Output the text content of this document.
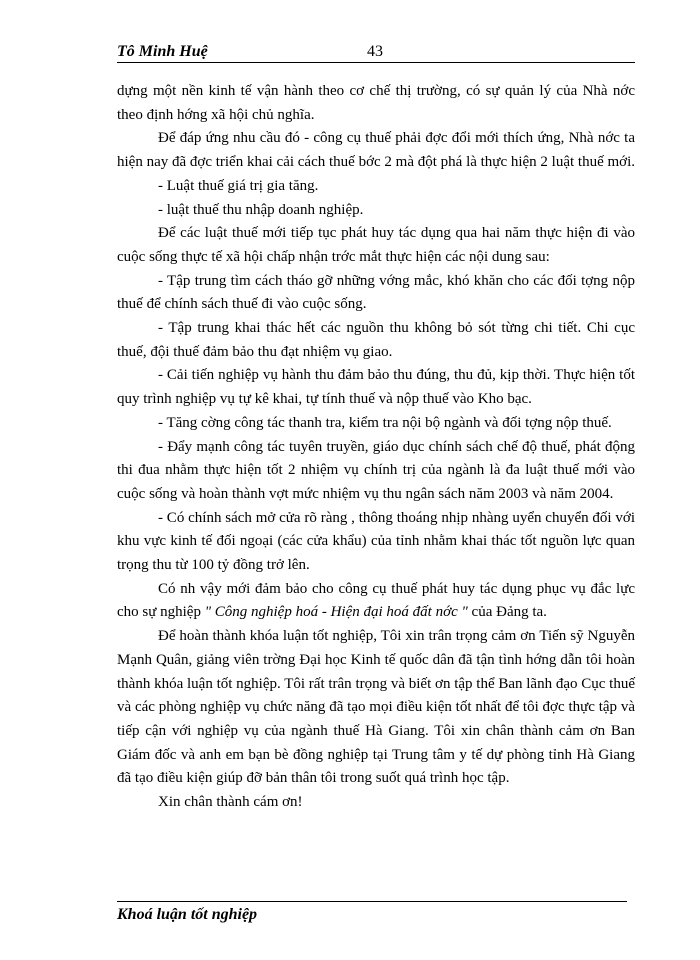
Tô Minh Huệ	43

dựng một nền kinh tế vận hành theo cơ chế thị trường, có sự quản lý của Nhà nớc theo định hớng xã hội chủ nghĩa.

Để đáp ứng nhu cầu đó - công cụ thuế phải đợc đổi mới thích ứng, Nhà nớc ta hiện nay đã đợc triển khai cải cách thuế bớc 2 mà đột phá là thực hiện 2 luật thuế mới.

- Luật thuế giá trị gia tăng.

- luật thuế thu nhập doanh nghiệp.

Để các luật thuế mới tiếp tục phát huy tác dụng qua hai năm thực hiện đi vào cuộc sống thực tế xã hội chấp nhận trớc mắt thực hiện các nội dung sau:

- Tập trung tìm cách tháo gỡ những vớng mắc, khó khăn cho các đối tợng nộp thuế để chính sách thuế đi vào cuộc sống.

- Tập trung khai thác hết các nguồn thu không bỏ sót từng chi tiết. Chi cục thuế, đội thuế đảm bảo thu đạt nhiệm vụ giao.

- Cải tiến nghiệp vụ hành thu đảm bảo thu đúng, thu đủ, kịp thời. Thực hiện tốt quy trình nghiệp vụ tự kê khai, tự tính thuế và nộp thuế vào Kho bạc.

- Tăng cờng công tác thanh tra, kiểm tra nội bộ ngành và đối tợng nộp thuế.

- Đẩy mạnh công tác tuyên truyền, giáo dục chính sách chế độ thuế, phát động thi đua nhằm thực hiện tốt 2 nhiệm vụ chính trị của ngành là đa luật thuế mới vào cuộc sống và hoàn thành vợt mức nhiệm vụ thu ngân sách năm 2003 và năm 2004.

- Có chính sách mở cửa rõ ràng , thông thoáng nhịp nhàng uyển chuyển đối với khu vực kinh tế đối ngoại (các cửa khẩu) của tỉnh nhằm khai thác tốt nguồn lực quan trọng thu từ 100 tỷ đồng trở lên.

Có nh vậy mới đảm bảo cho công cụ thuế phát huy tác dụng phục vụ đắc lực cho sự nghiệp " Công nghiệp hoá - Hiện đại hoá đất nớc " của Đảng ta.

Để hoàn thành khóa luận tốt nghiệp, Tôi xin trân trọng cảm ơn Tiến sỹ Nguyễn Mạnh Quân, giảng viên trờng Đại học Kinh tế quốc dân đã tận tình hớng dẫn tôi hoàn thành khóa luận tốt nghiệp. Tôi rất trân trọng và biết ơn tập thể Ban lãnh đạo Cục thuế và các phòng nghiệp vụ chức năng đã tạo mọi điều kiện tốt nhất để tôi đợc thực tập và tiếp cận với nghiệp vụ của ngành thuế Hà Giang. Tôi xin chân thành cảm ơn Ban Giám đốc và anh em bạn bè đồng nghiệp tại Trung tâm y tế dự phòng tỉnh Hà Giang đã tạo điều kiện giúp đỡ bản thân tôi trong suốt quá trình học tập.

Xin chân thành cám ơn!

Khoá luận tốt nghiệp
